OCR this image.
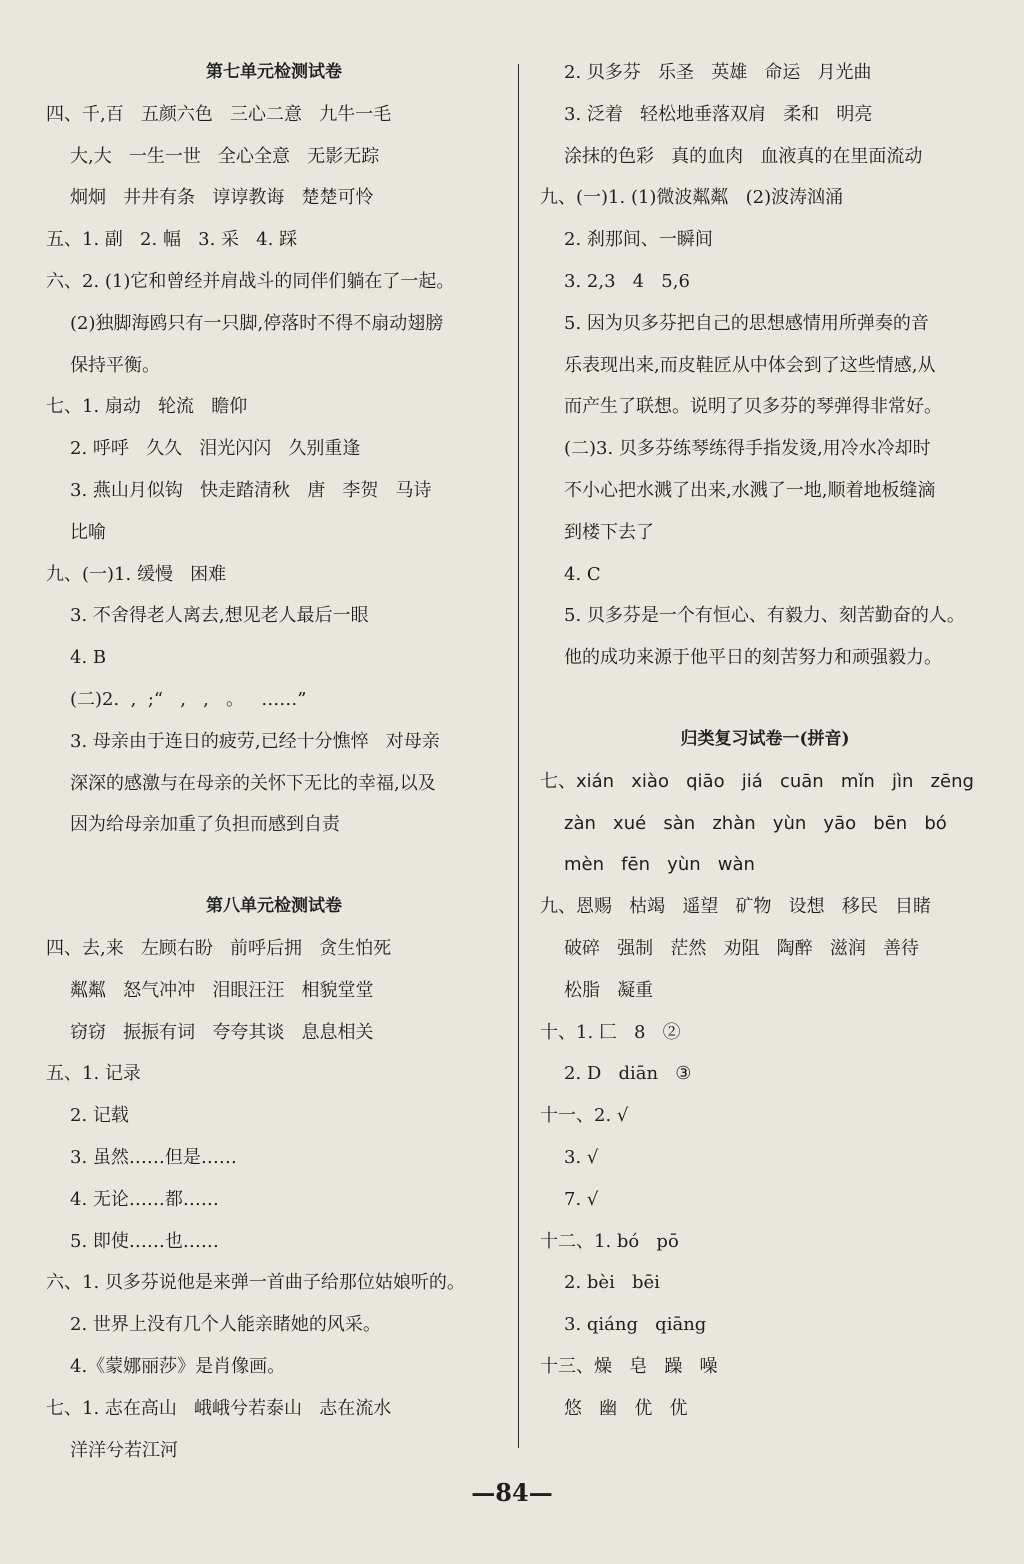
第七单元检测试卷
四、千,百   五颜六色   三心二意   九牛一毛
大,大   一生一世   全心全意   无影无踪
炯炯   井井有条   谆谆教诲   楚楚可怜
五、1. 副   2. 幅   3. 采   4. 踩
六、2. (1)它和曾经并肩战斗的同伴们躺在了一起。
(2)独脚海鸥只有一只脚,停落时不得不扇动翅膀
保持平衡。
七、1. 扇动   轮流   瞻仰
2. 呼呼   久久   泪光闪闪   久别重逢
3. 燕山月似钩   快走踏清秋   唐   李贺   马诗
比喻
九、(一)1. 缓慢   困难
3. 不舍得老人离去,想见老人最后一眼
4. B
(二)2.  ,  ;“   ,   ,   。   ……”
3. 母亲由于连日的疲劳,已经十分憔悴   对母亲
深深的感激与在母亲的关怀下无比的幸福,以及
因为给母亲加重了负担而感到自责
第八单元检测试卷
四、去,来   左顾右盼   前呼后拥   贪生怕死
粼粼   怒气冲冲   泪眼汪汪   相貌堂堂
窃窃   振振有词   夸夸其谈   息息相关
五、1. 记录
2. 记载
3. 虽然……但是……
4. 无论……都……
5. 即使……也……
六、1. 贝多芬说他是来弹一首曲子给那位姑娘听的。
2. 世界上没有几个人能亲睹她的风采。
4.《蒙娜丽莎》是肖像画。
七、1. 志在高山   峨峨兮若泰山   志在流水
洋洋兮若江河
2. 贝多芬   乐圣   英雄   命运   月光曲
3. 泛着   轻松地垂落双肩   柔和   明亮
涂抹的色彩   真的血肉   血液真的在里面流动
九、(一)1. (1)微波粼粼   (2)波涛汹涌
2. 刹那间、一瞬间
3. 2,3   4   5,6
5. 因为贝多芬把自己的思想感情用所弹奏的音
乐表现出来,而皮鞋匠从中体会到了这些情感,从
而产生了联想。说明了贝多芬的琴弹得非常好。
(二)3. 贝多芬练琴练得手指发烫,用冷水冷却时
不小心把水溅了出来,水溅了一地,顺着地板缝滴
到楼下去了
4. C
5. 贝多芬是一个有恒心、有毅力、刻苦勤奋的人。
他的成功来源于他平日的刻苦努力和顽强毅力。
归类复习试卷一(拼音)
七、xián   xiào   qiāo   jiá   cuān   mǐn   jìn   zēng
zàn   xué   sàn   zhàn   yùn   yāo   bēn   bó
mèn   fēn   yùn   wàn
九、恩赐   枯竭   遥望   矿物   设想   移民   目睹
破碎   强制   茫然   劝阻   陶醉   滋润   善待
松脂   凝重
十、1. 匚   8   ②
2. D   diān   ③
十一、2. √
3. √
7. √
十二、1. bó   pō
2. bèi   bēi
3. qiáng   qiāng
十三、燥   皂   躁   噪
悠   幽   优   优
—84—
